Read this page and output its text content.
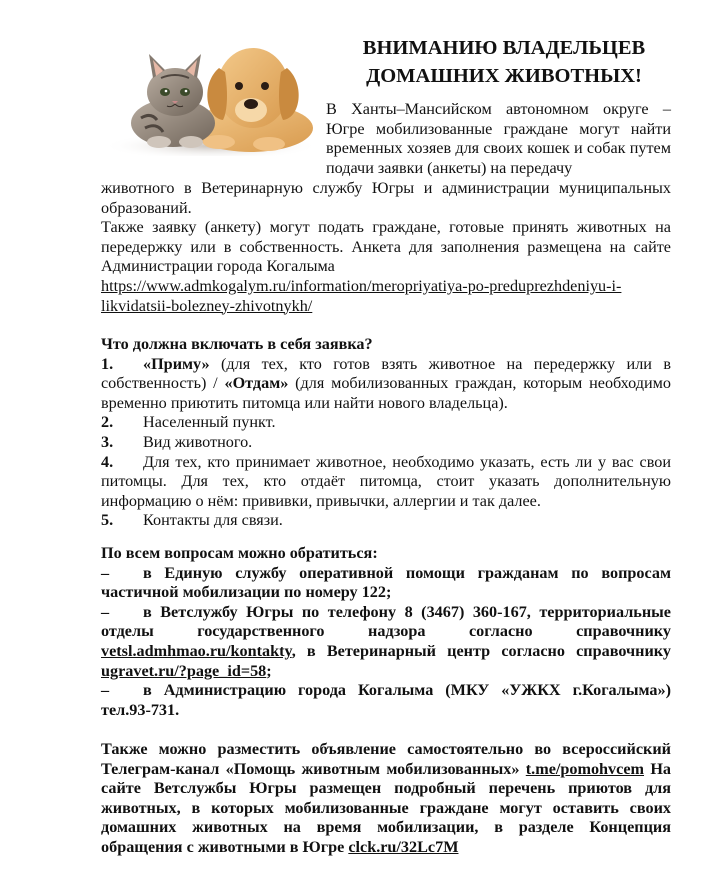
ВНИМАНИЮ ВЛАДЕЛЬЦЕВ
ДОМАШНИХ ЖИВОТНЫХ!

В Ханты–Мансийском автономном округе – Югре мобилизованные граждане могут найти временных хозяев для своих кошек и собак путем подачи заявки (анкеты) на передачу

животного в Ветеринарную службу Югры и администрации муниципальных образований.

Также заявку (анкету) могут подать граждане, готовые принять животных на передержку или в собственность. Анкета для заполнения размещена на сайте Администрации города Когалыма

https://www.admkogalym.ru/information/meropriyatiya-po-preduprezhdeniyu-i-likvidatsii-bolezney-zhivotnykh/

Что должна включать в себя заявка?

1. «Приму» (для тех, кто готов взять животное на передержку или в собственность) / «Отдам» (для мобилизованных граждан, которым необходимо временно приютить питомца или найти нового владельца).

2.	Населенный пункт.
3.	Вид животного.

4. Для тех, кто принимает животное, необходимо указать, есть ли у вас свои питомцы. Для тех, кто отдаёт питомца, стоит указать дополнительную информацию о нём: прививки, привычки, аллергии и так далее.

5.	Контакты для связи.

По всем вопросам можно обратиться:

– в Единую службу оперативной помощи гражданам по вопросам частичной мобилизации по номеру 122;

– в Ветслужбу Югры по телефону 8 (3467) 360-167, территориальные отделы государственного надзора согласно справочнику vetsl.admhmao.ru/kontakty, в Ветеринарный центр согласно справочнику ugravet.ru/?page_id=58;

– в Администрацию города Когалыма (МКУ «УЖКХ г.Когалыма») тел.93-731.

Также можно разместить объявление самостоятельно во всероссийский Телеграм-канал «Помощь животным мобилизованных» t.me/pomohvcem На сайте Ветслужбы Югры размещен подробный перечень приютов для животных, в которых мобилизованные граждане могут оставить своих домашних животных на время мобилизации, в разделе Концепция обращения с животными в Югре clck.ru/32Lc7M
